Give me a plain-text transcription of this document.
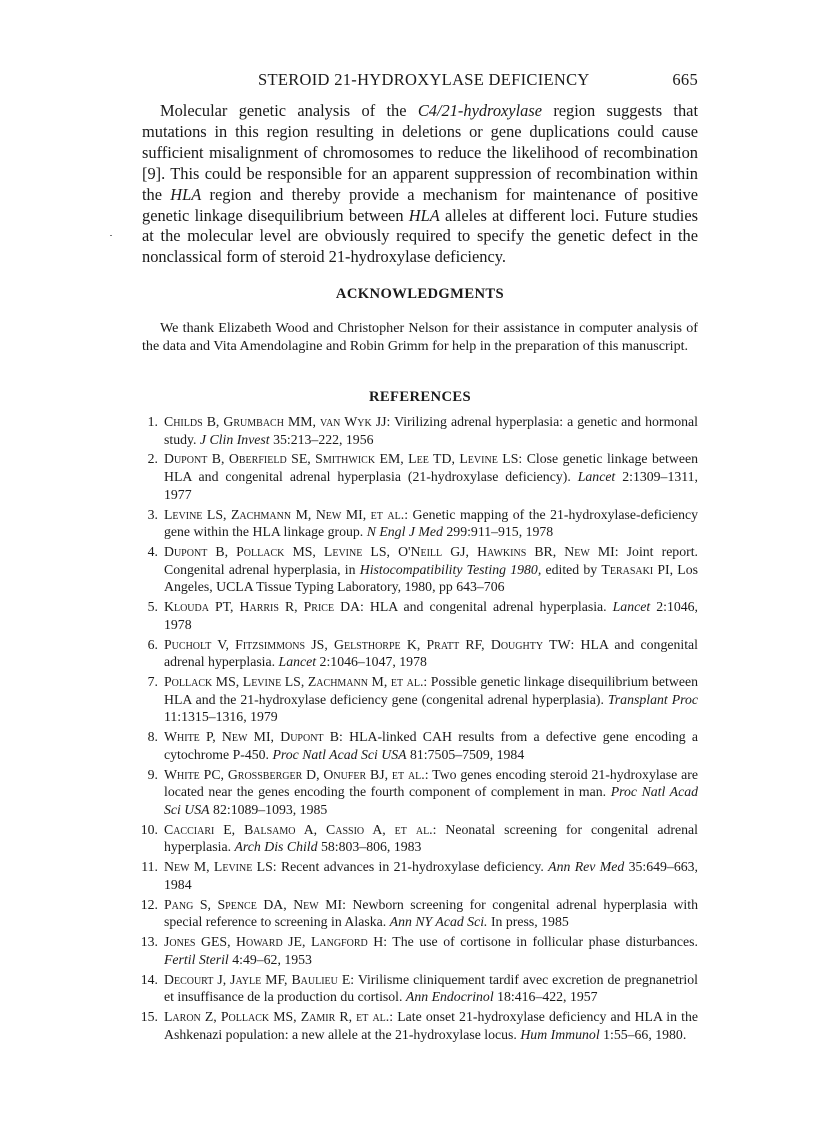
STEROID 21-HYDROXYLASE DEFICIENCY	665

Molecular genetic analysis of the C4/21-hydroxylase region suggests that mutations in this region resulting in deletions or gene duplications could cause sufficient misalignment of chromosomes to reduce the likelihood of recombination [9]. This could be responsible for an apparent suppression of recombination within the HLA region and thereby provide a mechanism for maintenance of positive genetic linkage disequilibrium between HLA alleles at different loci. Future studies at the molecular level are obviously required to specify the genetic defect in the nonclassical form of steroid 21-hydroxylase deficiency.

ACKNOWLEDGMENTS

We thank Elizabeth Wood and Christopher Nelson for their assistance in computer analysis of the data and Vita Amendolagine and Robin Grimm for help in the preparation of this manuscript.

REFERENCES
1. Childs B, Grumbach MM, van Wyk JJ: Virilizing adrenal hyperplasia: a genetic and hormonal study. J Clin Invest 35:213–222, 1956
2. Dupont B, Oberfield SE, Smithwick EM, Lee TD, Levine LS: Close genetic linkage between HLA and congenital adrenal hyperplasia (21-hydroxylase deficiency). Lancet 2:1309–1311, 1977
3. Levine LS, Zachmann M, New MI, et al.: Genetic mapping of the 21-hydroxylase-deficiency gene within the HLA linkage group. N Engl J Med 299:911–915, 1978
4. Dupont B, Pollack MS, Levine LS, O'Neill GJ, Hawkins BR, New MI: Joint report. Congenital adrenal hyperplasia, in Histocompatibility Testing 1980, edited by Terasaki PI, Los Angeles, UCLA Tissue Typing Laboratory, 1980, pp 643–706
5. Klouda PT, Harris R, Price DA: HLA and congenital adrenal hyperplasia. Lancet 2:1046, 1978
6. Pucholt V, Fitzsimmons JS, Gelsthorpe K, Pratt RF, Doughty TW: HLA and congenital adrenal hyperplasia. Lancet 2:1046–1047, 1978
7. Pollack MS, Levine LS, Zachmann M, et al.: Possible genetic linkage disequilibrium between HLA and the 21-hydroxylase deficiency gene (congenital adrenal hyperplasia). Transplant Proc 11:1315–1316, 1979
8. White P, New MI, Dupont B: HLA-linked CAH results from a defective gene encoding a cytochrome P-450. Proc Natl Acad Sci USA 81:7505–7509, 1984
9. White PC, Grossberger D, Onufer BJ, et al.: Two genes encoding steroid 21-hydroxylase are located near the genes encoding the fourth component of complement in man. Proc Natl Acad Sci USA 82:1089–1093, 1985
10. Cacciari E, Balsamo A, Cassio A, et al.: Neonatal screening for congenital adrenal hyperplasia. Arch Dis Child 58:803–806, 1983
11. New M, Levine LS: Recent advances in 21-hydroxylase deficiency. Ann Rev Med 35:649–663, 1984
12. Pang S, Spence DA, New MI: Newborn screening for congenital adrenal hyperplasia with special reference to screening in Alaska. Ann NY Acad Sci. In press, 1985
13. Jones GES, Howard JE, Langford H: The use of cortisone in follicular phase disturbances. Fertil Steril 4:49–62, 1953
14. Decourt J, Jayle MF, Baulieu E: Virilisme cliniquement tardif avec excretion de pregnanetriol et insuffisance de la production du cortisol. Ann Endocrinol 18:416–422, 1957
15. Laron Z, Pollack MS, Zamir R, et al.: Late onset 21-hydroxylase deficiency and HLA in the Ashkenazi population: a new allele at the 21-hydroxylase locus. Hum Immunol 1:55–66, 1980.
